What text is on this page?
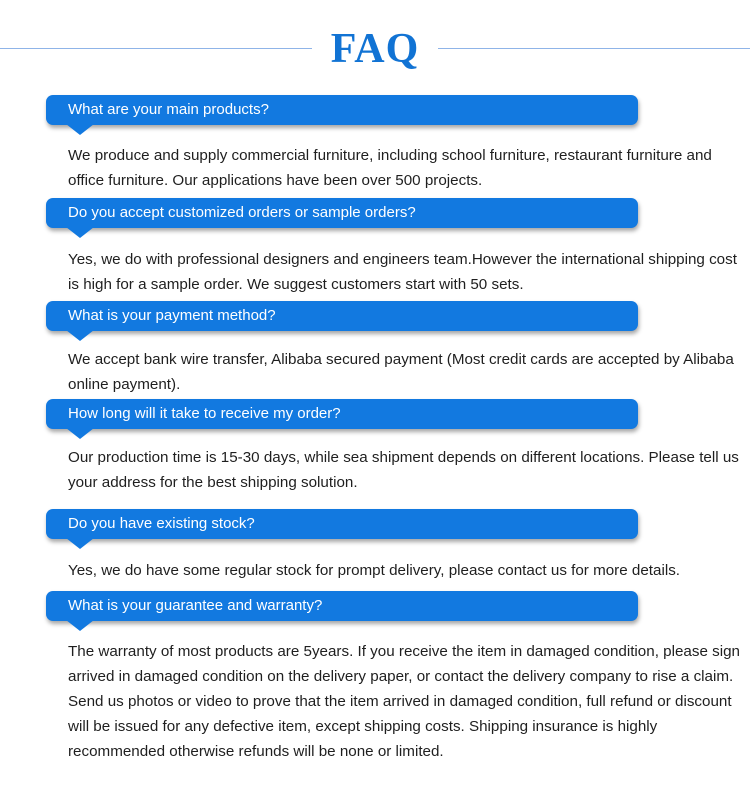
FAQ
What are your main products?
We produce and supply commercial furniture, including school furniture, restaurant furniture and office furniture. Our applications have been over 500 projects.
Do you accept customized orders or sample orders?
Yes, we do with professional designers and engineers team.However the international shipping cost is high for a sample order. We suggest customers start with 50 sets.
What is your payment method?
We accept bank wire transfer, Alibaba secured payment (Most credit cards are accepted by Alibaba online payment).
How long will it take to receive my order?
Our production time is 15-30 days, while sea shipment depends on different locations. Please tell us your address for the best shipping solution.
Do you have existing stock?
Yes, we do have some regular stock for prompt delivery, please contact us for more details.
What is your guarantee and warranty?
The warranty of most products are 5years. If you receive the item in damaged condition, please sign arrived in damaged condition on the delivery paper, or contact the delivery company to rise a claim. Send us photos or video to prove that the item arrived in damaged condition, full refund or discount will be issued for any defective item, except shipping costs. Shipping insurance is highly recommended otherwise refunds will be none or limited.
